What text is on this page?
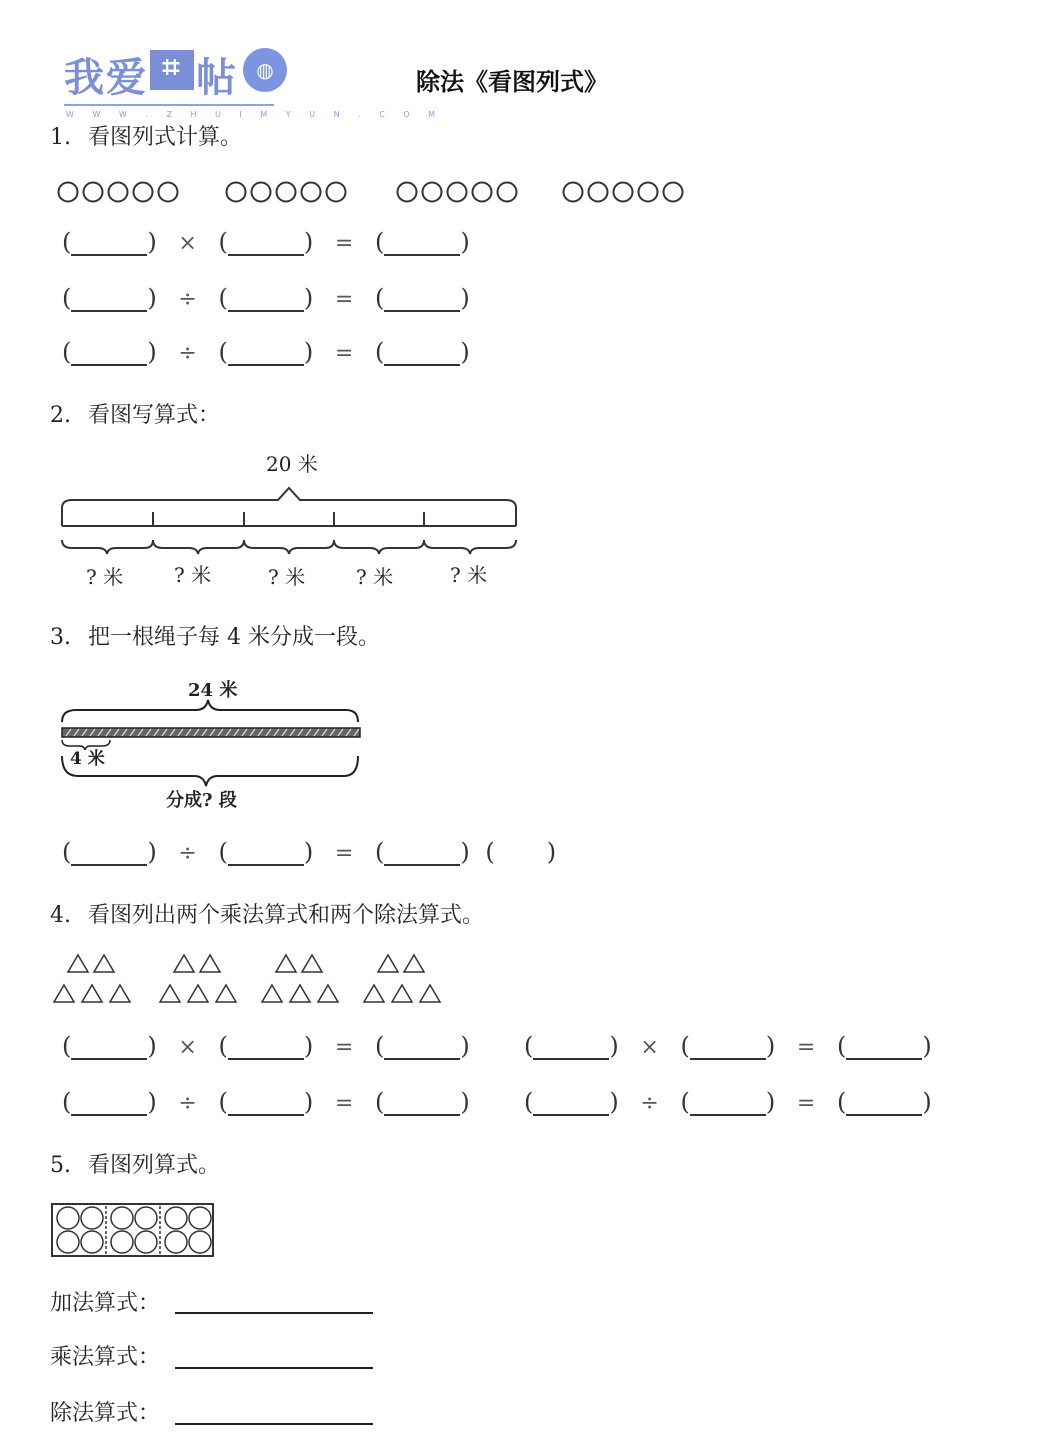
我爱 ⌗ 帖 ◍
W W W . Z H U I M Y U N . C O M
除法《看图列式》
1. 看图列式计算。
(	) × (	) = (	)
(	) ÷ (	) = (	)
(	) ÷ (	) = (	)
2. 看图写算式：
20 米
? 米	? 米	? 米	? 米	? 米
3. 把一根绳子每 4 米分成一段。
24 米
4 米
分成? 段
(	) ÷ (	) = (	) ( )
4. 看图列出两个乘法算式和两个除法算式。
(	) × (	) = (	) (	) × (	) = (	)
(	) ÷ (	) = (	) (	) ÷ (	) = (	)
5. 看图列算式。
加法算式：
乘法算式：
除法算式：
